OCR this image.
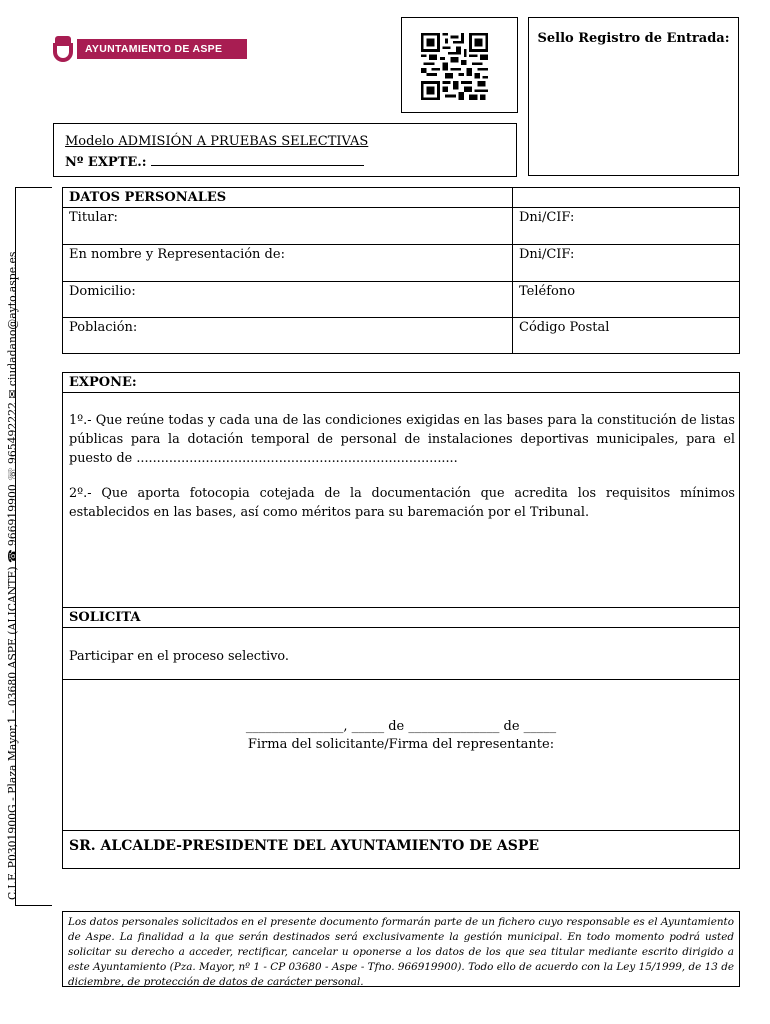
AYUNTAMIENTO DE ASPE
Sello Registro de Entrada:
Modelo ADMISIÓN A PRUEBAS SELECTIVAS
Nº EXPTE.:
C.I.F. P0301900G - Plaza Mayor,1 - 03680 ASPE (ALICANTE) ☎ 966919900 ☏ 965492222 ✉ ciudadano@ayto.aspe.es
DATOS PERSONALES	
Titular:	Dni/CIF:
En nombre y Representación de:	Dni/CIF:
Domicilio:	Teléfono
Población:	Código Postal
EXPONE:
1º.- Que reúne todas y cada una de las condiciones exigidas en las bases para la constitución de listas públicas para la dotación temporal de personal de instalaciones deportivas municipales, para el puesto de ...............................................................................
2º.- Que aporta fotocopia cotejada de la documentación que acredita los requisitos mínimos establecidos en las bases, así como méritos para su baremación por el Tribunal.
SOLICITA
Participar en el proceso selectivo.
_______________, _____ de ______________ de _____
Firma del solicitante/Firma del representante:
SR. ALCALDE-PRESIDENTE DEL AYUNTAMIENTO DE ASPE

Los datos personales solicitados en el presente documento formarán parte de un fichero cuyo responsable es el Ayuntamiento de Aspe. La finalidad a la que serán destinados será exclusivamente la gestión municipal. En todo momento podrá usted solicitar su derecho a acceder, rectificar, cancelar u oponerse a los datos de los que sea titular mediante escrito dirigido a este Ayuntamiento (Pza. Mayor, nº 1 - CP 03680 - Aspe - Tfno. 966919900). Todo ello de acuerdo con la Ley 15/1999, de 13 de diciembre, de protección de datos de carácter personal.
